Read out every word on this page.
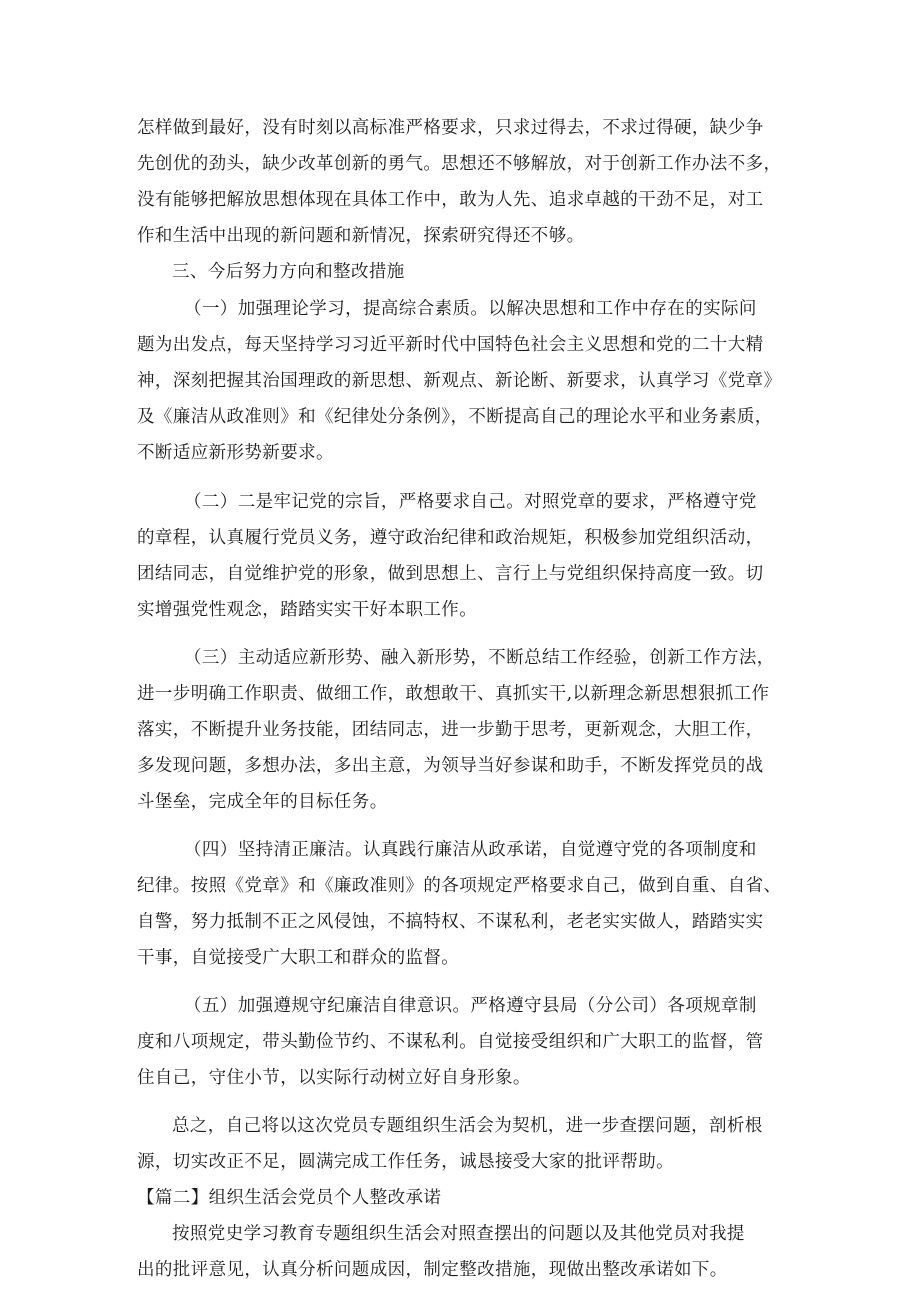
怎样做到最好，没有时刻以高标准严格要求，只求过得去，不求过得硬，缺少争
先创优的劲头，缺少改革创新的勇气。思想还不够解放，对于创新工作办法不多，
没有能够把解放思想体现在具体工作中，敢为人先、追求卓越的干劲不足，对工
作和生活中出现的新问题和新情况，探索研究得还不够。
三、今后努力方向和整改措施
（一）加强理论学习，提高综合素质。以解决思想和工作中存在的实际问
题为出发点，每天坚持学习习近平新时代中国特色社会主义思想和党的二十大精
神，深刻把握其治国理政的新思想、新观点、新论断、新要求，认真学习《党章》
及《廉洁从政准则》和《纪律处分条例》，不断提高自己的理论水平和业务素质，
不断适应新形势新要求。
（二）二是牢记党的宗旨，严格要求自己。对照党章的要求，严格遵守党
的章程，认真履行党员义务，遵守政治纪律和政治规矩，积极参加党组织活动，
团结同志，自觉维护党的形象，做到思想上、言行上与党组织保持高度一致。切
实增强党性观念，踏踏实实干好本职工作。
（三）主动适应新形势、融入新形势，不断总结工作经验，创新工作方法，
进一步明确工作职责、做细工作，敢想敢干、真抓实干,以新理念新思想狠抓工作
落实，不断提升业务技能，团结同志，进一步勤于思考，更新观念，大胆工作，
多发现问题，多想办法，多出主意，为领导当好参谋和助手，不断发挥党员的战
斗堡垒，完成全年的目标任务。
（四）坚持清正廉洁。认真践行廉洁从政承诺，自觉遵守党的各项制度和
纪律。按照《党章》和《廉政准则》的各项规定严格要求自己，做到自重、自省、
自警，努力抵制不正之风侵蚀，不搞特权、不谋私利，老老实实做人，踏踏实实
干事，自觉接受广大职工和群众的监督。
（五）加强遵规守纪廉洁自律意识。严格遵守县局（分公司）各项规章制
度和八项规定，带头勤俭节约、不谋私利。自觉接受组织和广大职工的监督，管
住自己，守住小节，以实际行动树立好自身形象。
总之，自己将以这次党员专题组织生活会为契机，进一步查摆问题，剖析根
源，切实改正不足，圆满完成工作任务，诚恳接受大家的批评帮助。
【篇二】组织生活会党员个人整改承诺
按照党史学习教育专题组织生活会对照查摆出的问题以及其他党员对我提
出的批评意见，认真分析问题成因，制定整改措施，现做出整改承诺如下。
